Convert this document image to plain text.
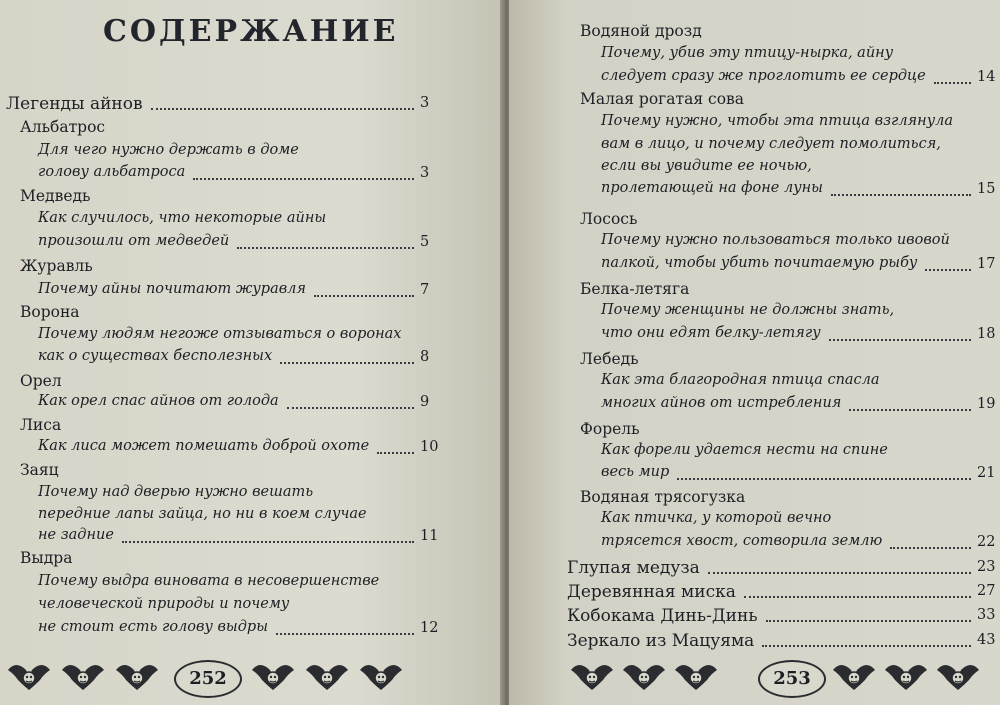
СОДЕРЖАНИЕ
Легенды айнов	3
Альбатрос
Для чего нужно держать в доме
голову альбатроса	3
Медведь
Как случилось, что некоторые айны
произошли от медведей	5
Журавль
Почему айны почитают журавля	7
Ворона
Почему людям негоже отзываться о воронах
как о существах бесполезных	8
Орел
Как орел спас айнов от голода	9
Лиса
Как лиса может помешать доброй охоте	10
Заяц
Почему над дверью нужно вешать
передние лапы зайца, но ни в коем случае
не задние	11
Выдра
Почему выдра виновата в несовершенстве
человеческой природы и почему
не стоит есть голову выдры	12
252
Водяной дрозд
Почему, убив эту птицу-нырка, айну
следует сразу же проглотить ее сердце	14
Малая рогатая сова
Почему нужно, чтобы эта птица взглянула
вам в лицо, и почему следует помолиться,
если вы увидите ее ночью,
пролетающей на фоне луны	15
Лосось
Почему нужно пользоваться только ивовой
палкой, чтобы убить почитаемую рыбу	17
Белка-летяга
Почему женщины не должны знать,
что они едят белку-летягу	18
Лебедь
Как эта благородная птица спасла
многих айнов от истребления	19
Форель
Как форели удается нести на спине
весь мир	21
Водяная трясогузка
Как птичка, у которой вечно
трясется хвост, сотворила землю	22
Глупая медуза	23
Деревянная миска	27
Кобокама Динь-Динь	33
Зеркало из Мацуяма	43
253
